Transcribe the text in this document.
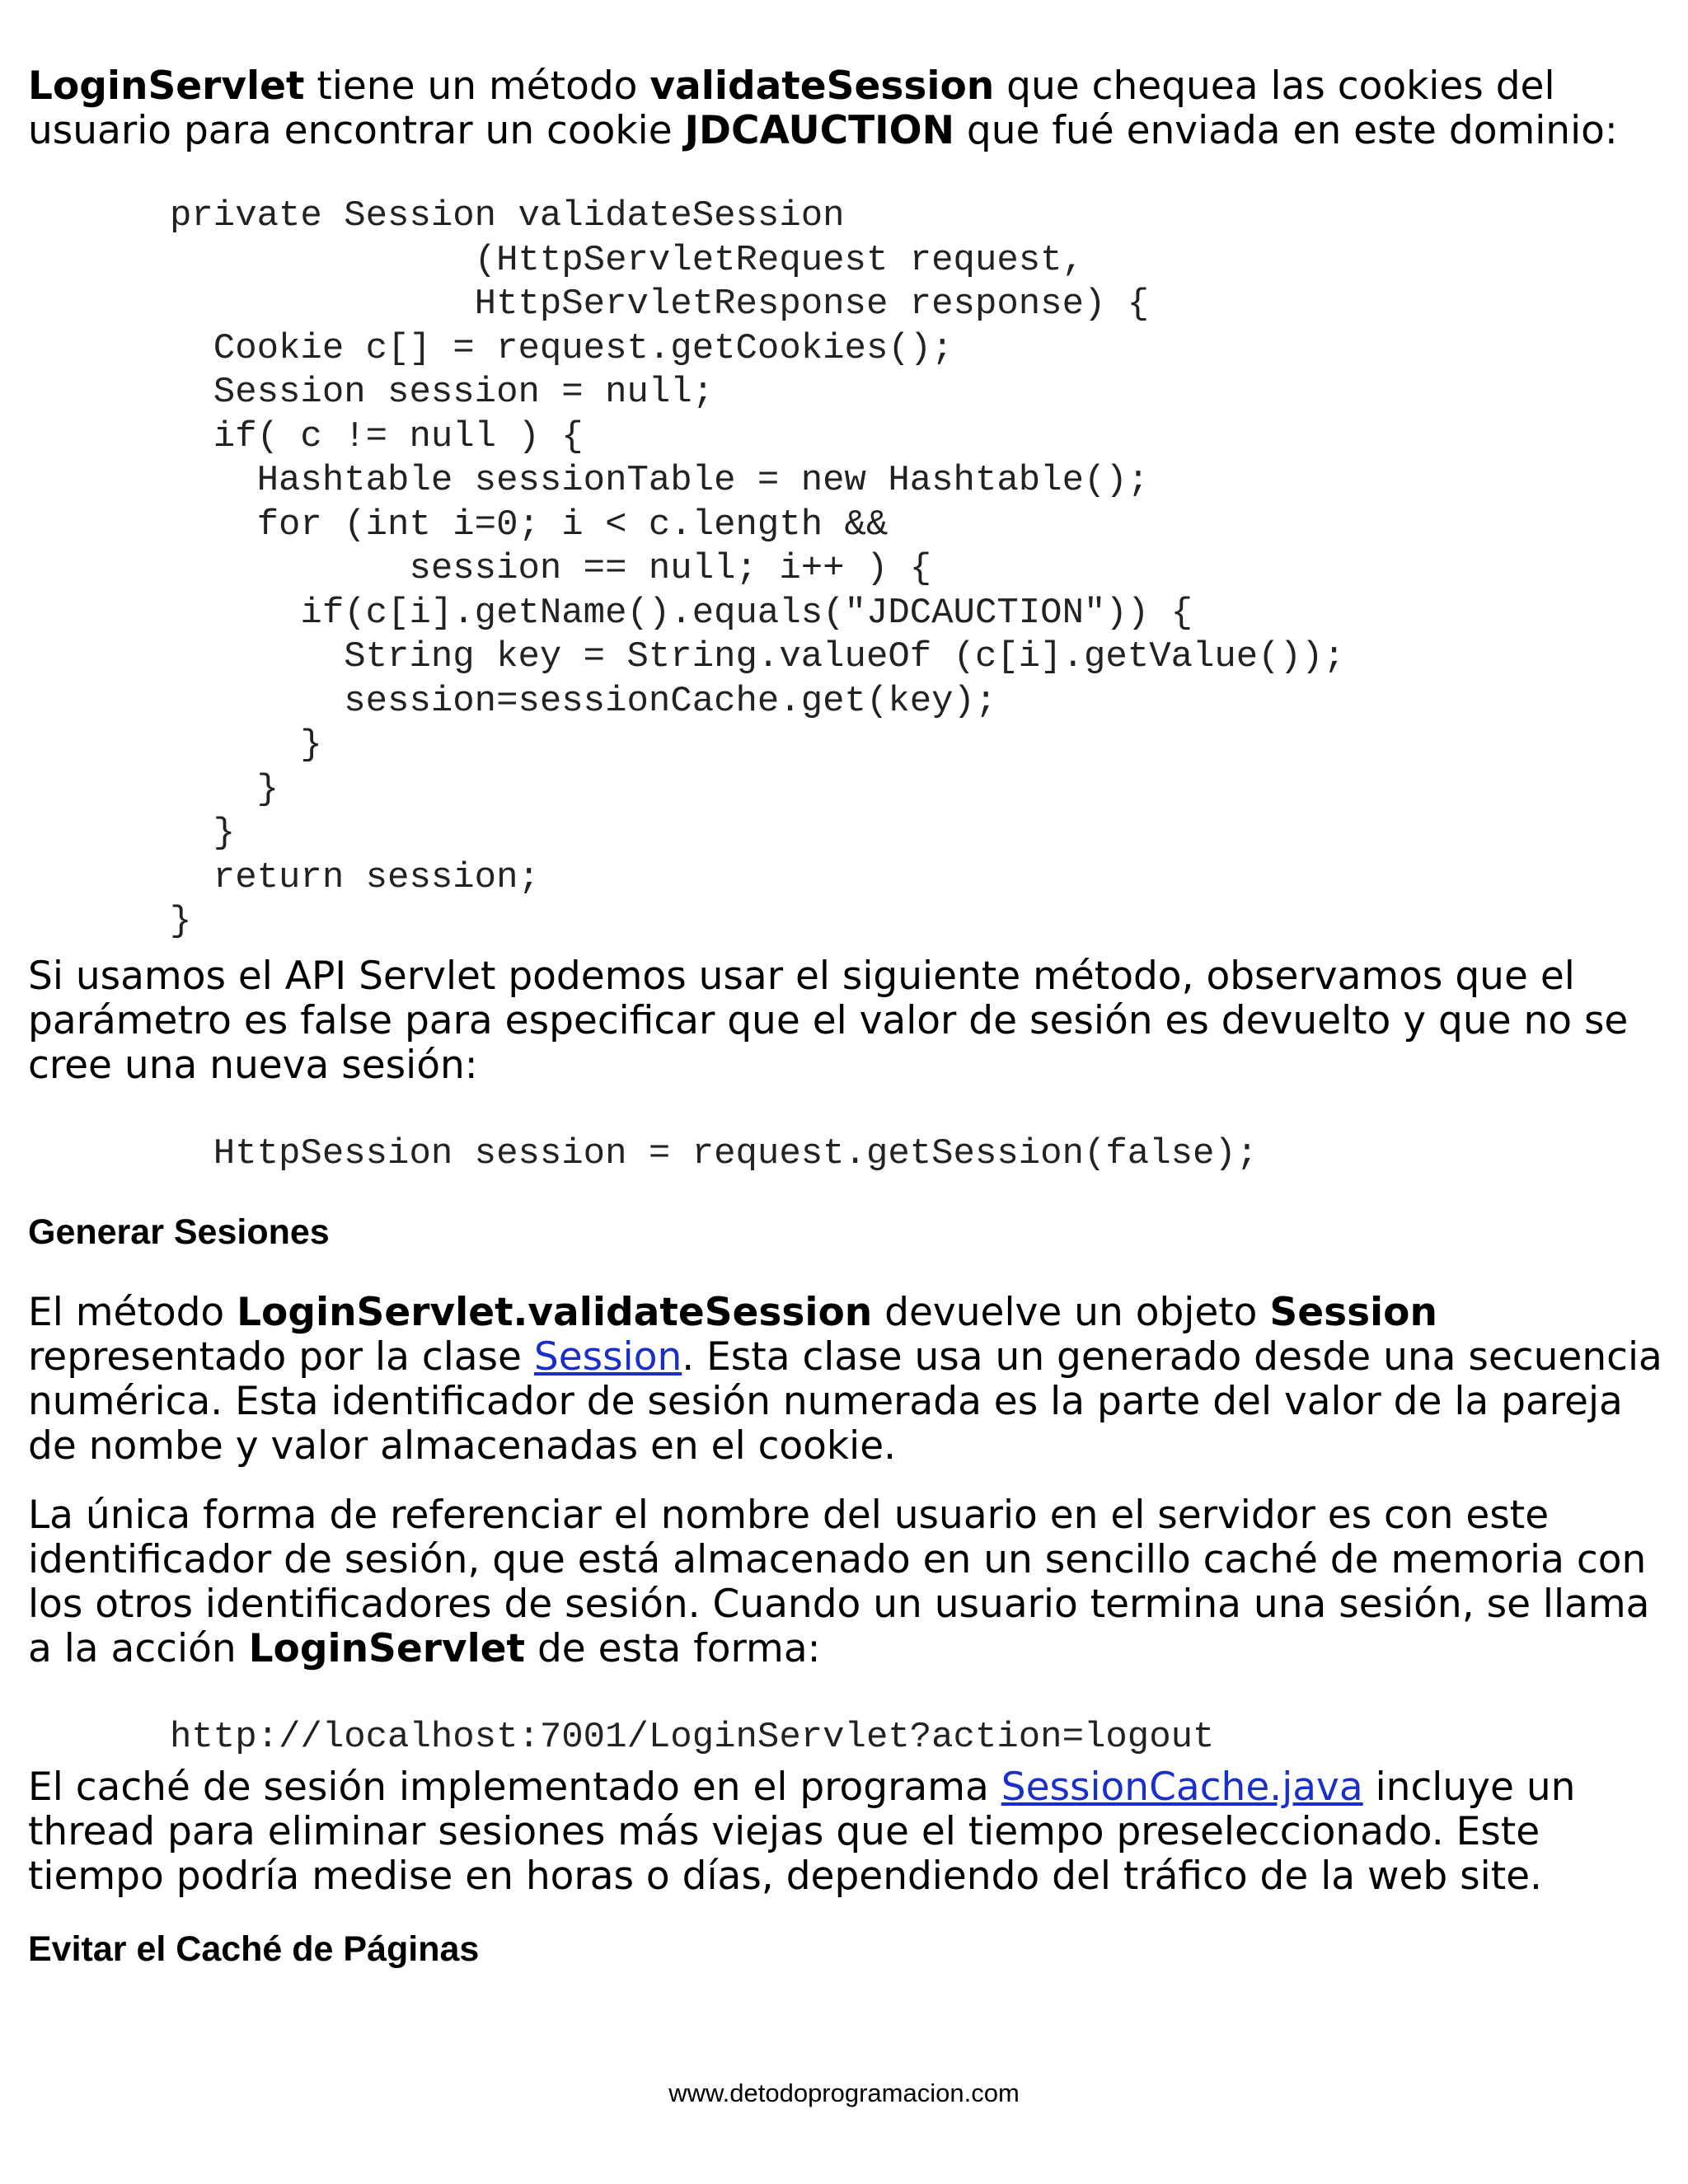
LoginServlet tiene un método validateSession que chequea las cookies del usuario para encontrar un cookie JDCAUCTION que fué enviada en este dominio:

private Session validateSession
(HttpServletRequest request,
HttpServletResponse response) {
Cookie c[] = request.getCookies();
Session session = null;
if( c != null ) {
Hashtable sessionTable = new Hashtable();
for (int i=0; i < c.length &&
session == null; i++ ) {
if(c[i].getName().equals("JDCAUCTION")) {
String key = String.valueOf (c[i].getValue());
session=sessionCache.get(key);
}
}
}
return session;
}

Si usamos el API Servlet podemos usar el siguiente método, observamos que el parámetro es false para especificar que el valor de sesión es devuelto y que no se cree una nueva sesión:

HttpSession session = request.getSession(false);
Generar Sesiones

El método LoginServlet.validateSession devuelve un objeto Session representado por la clase Session. Esta clase usa un generado desde una secuencia numérica. Esta identificador de sesión numerada es la parte del valor de la pareja de nombe y valor almacenadas en el cookie.

La única forma de referenciar el nombre del usuario en el servidor es con este identificador de sesión, que está almacenado en un sencillo caché de memoria con los otros identificadores de sesión. Cuando un usuario termina una sesión, se llama a la acción LoginServlet de esta forma:

http://localhost:7001/LoginServlet?action=logout

El caché de sesión implementado en el programa SessionCache.java incluye un thread para eliminar sesiones más viejas que el tiempo preseleccionado. Este tiempo podría medise en horas o días, dependiendo del tráfico de la web site.

Evitar el Caché de Páginas
www.detodoprogramacion.com
